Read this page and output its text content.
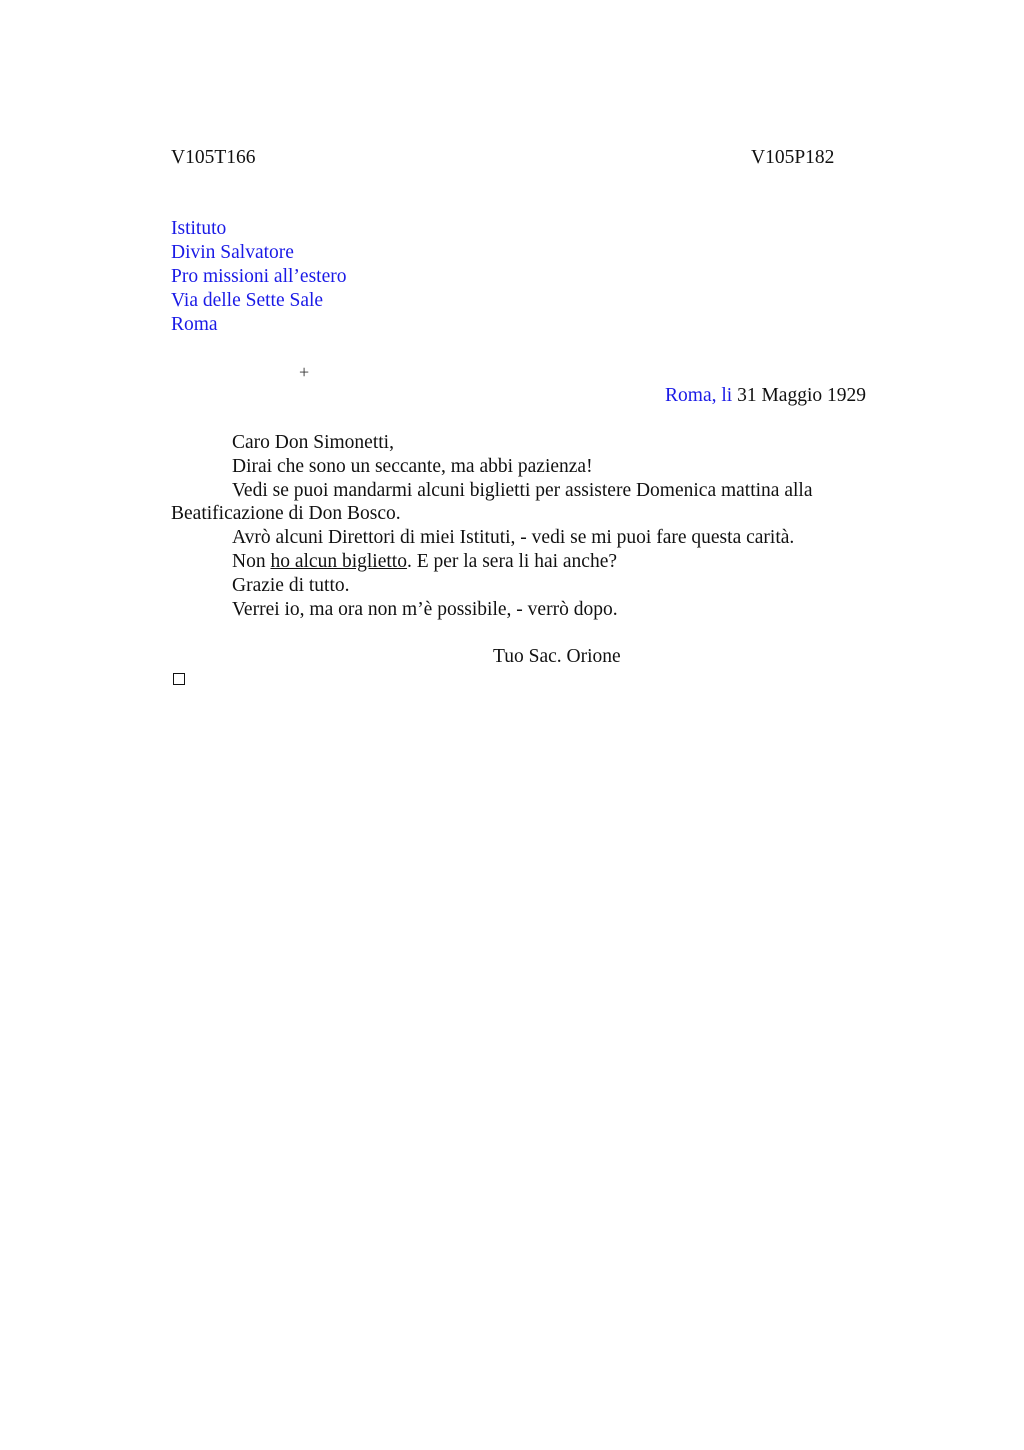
V105T166	V105P182
Istituto
Divin Salvatore
Pro missioni all’estero
Via delle Sette Sale
Roma
+
Roma, li 31 Maggio 1929

Caro Don Simonetti,

Dirai che sono un seccante, ma abbi pazienza!

Vedi se puoi mandarmi alcuni biglietti per assistere Domenica mattina alla Beatificazione di Don Bosco.

Avrò alcuni Direttori di miei Istituti, - vedi se mi puoi fare questa carità.

Non ho alcun biglietto. E per la sera li hai anche?

Grazie di tutto.

Verrei io, ma ora non m’è possibile, - verrò dopo.

Tuo Sac. Orione
